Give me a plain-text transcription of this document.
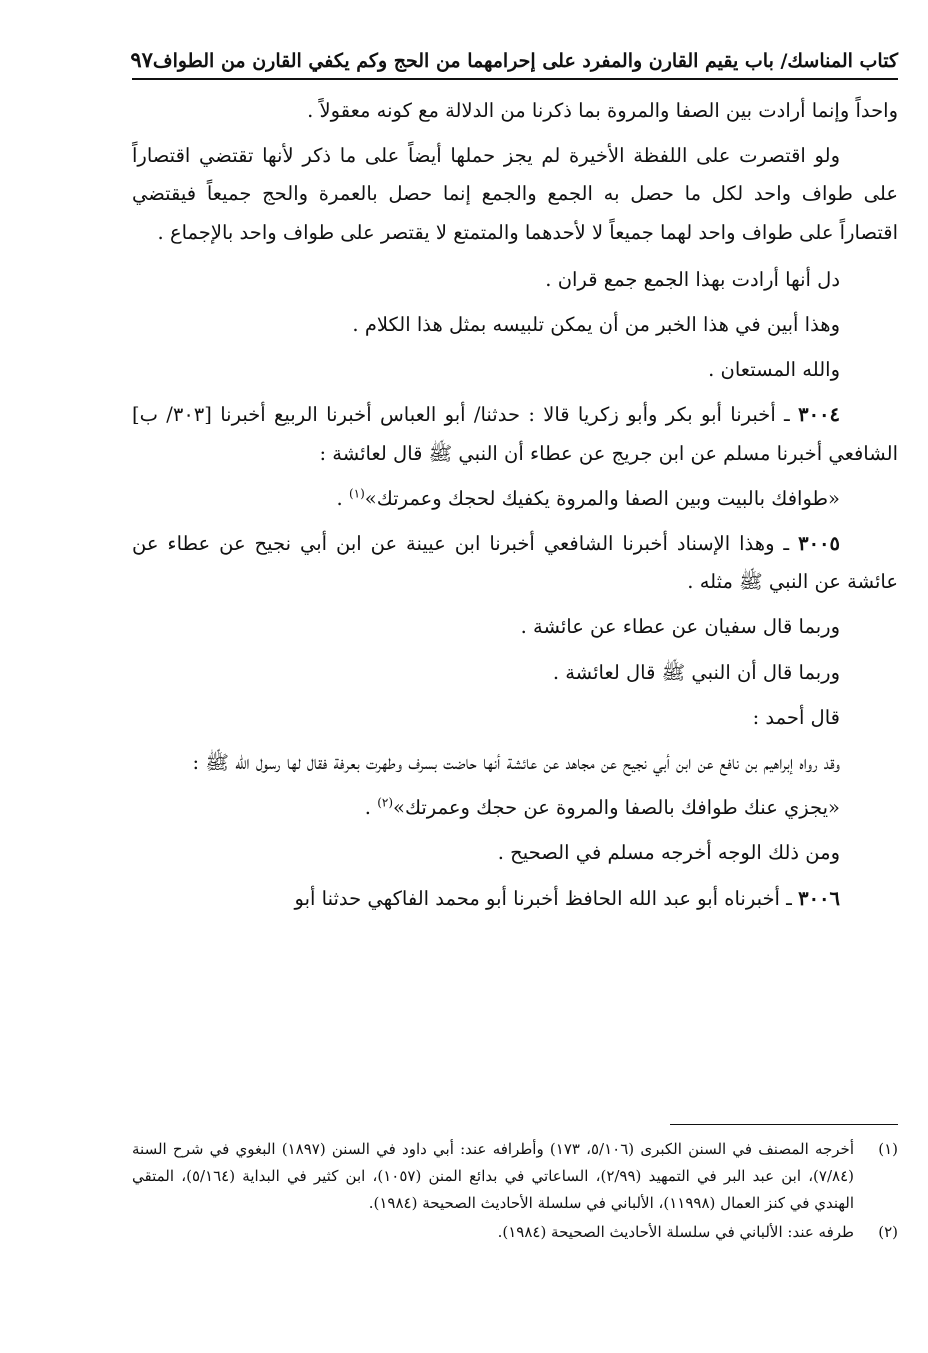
كتاب المناسك/ باب يقيم القارن والمفرد على إحرامهما من الحج وكم يكفي القارن من الطواف
٩٧

واحداً وإنما أرادت بين الصفا والمروة بما ذكرنا من الدلالة مع كونه معقولاً .

ولو اقتصرت على اللفظة الأخيرة لم يجز حملها أيضاً على ما ذكر لأنها تقتضي اقتصاراً على طواف واحد لكل ما حصل به الجمع والجمع إنما حصل بالعمرة والحج جميعاً فيقتضي اقتصاراً على طواف واحد لهما جميعاً لا لأحدهما والمتمتع لا يقتصر على طواف واحد بالإجماع .

دل أنها أرادت بهذا الجمع جمع قران .

وهذا أبين في هذا الخبر من أن يمكن تلبيسه بمثل هذا الكلام .

والله المستعان .

٣٠٠٤ ـ أخبرنا أبو بكر وأبو زكريا قالا : حدثنا/ أبو العباس أخبرنا الربيع أخبرنا [٣٠٣/ ب] الشافعي أخبرنا مسلم عن ابن جريج عن عطاء أن النبي ﷺ قال لعائشة :

«طوافك بالبيت وبين الصفا والمروة يكفيك لحجك وعمرتك»$^{(١)}$ .

٣٠٠٥ ـ وهذا الإسناد أخبرنا الشافعي أخبرنا ابن عيينة عن ابن أبي نجيح عن عطاء عن عائشة عن النبي ﷺ مثله .

وربما قال سفيان عن عطاء عن عائشة .

وربما قال أن النبي ﷺ قال لعائشة .

قال أحمد :

وقد رواه إبراهيم بن نافع عن ابن أبي نجيح عن مجاهد عن عائشة أنها حاضت بسرف وطهرت بعرفة فقال لها رسول الله ﷺ :

«يجزي عنك طوافك بالصفا والمروة عن حجك وعمرتك»$^{(٢)}$ .

ومن ذلك الوجه أخرجه مسلم في الصحيح .

٣٠٠٦ ـ أخبرناه أبو عبد الله الحافظ أخبرنا أبو محمد الفاكهي حدثنا أبو

(١)
أخرجه المصنف في السنن الكبرى (٥/١٠٦، ١٧٣) وأطرافه عند: أبي داود في السنن (١٨٩٧) البغوي في شرح السنة (٧/٨٤)، ابن عبد البر في التمهيد (٢/٩٩)، الساعاتي في بدائع المنن (١٠٥٧)، ابن كثير في البداية (٥/١٦٤)، المتقي الهندي في كنز العمال (١١٩٩٨)، الألباني في سلسلة الأحاديث الصحيحة (١٩٨٤).
(٢)
طرفه عند: الألباني في سلسلة الأحاديث الصحيحة (١٩٨٤).
